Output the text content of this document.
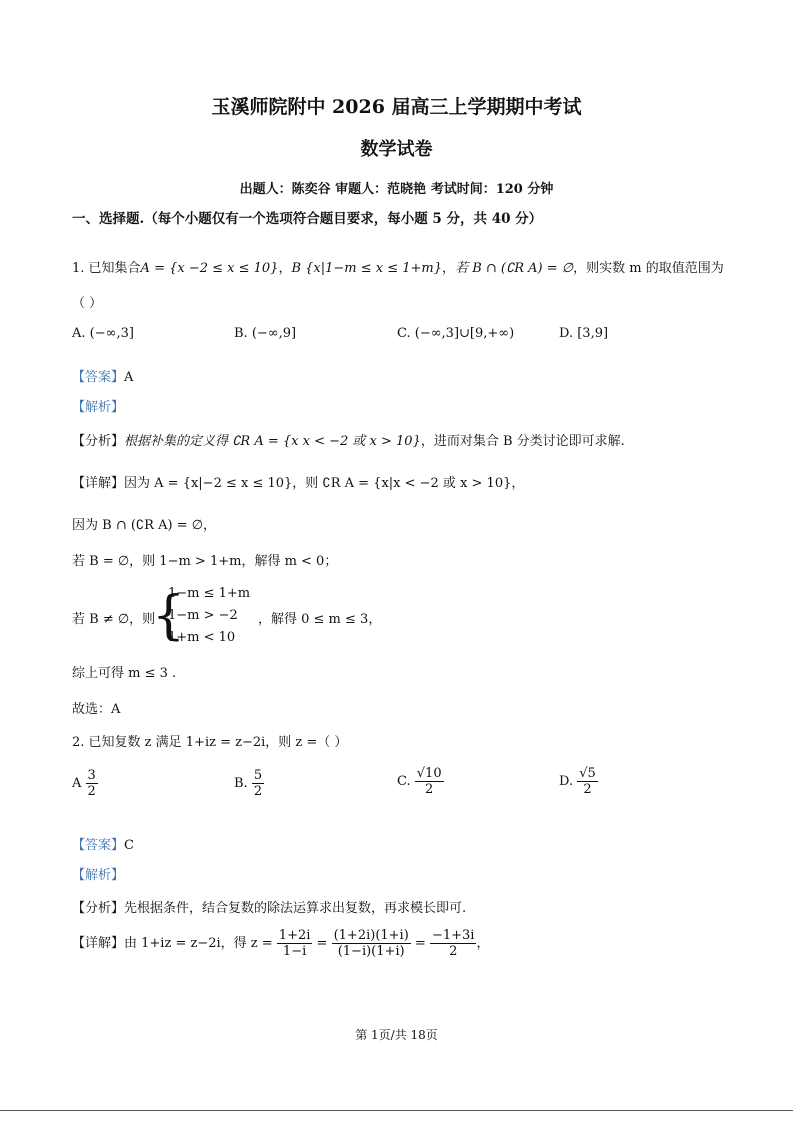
玉溪师院附中 2026 届高三上学期期中考试
数学试卷
出题人：陈奕谷 审题人：范晓艳 考试时间：120 分钟
一、选择题.（每个小题仅有一个选项符合题目要求，每小题 5 分，共 40 分）
1. 已知集合A = {x −2 ≤ x ≤ 10}，B {x|1−m ≤ x ≤ 1+m}，若 B ∩ (∁R A) = ∅，则实数 m 的取值范围为
（ ）
A. (−∞,3]	B. (−∞,9]	C. (−∞,3]∪[9,+∞)	D. [3,9]
【答案】A
【解析】
【分析】根据补集的定义得 ∁R A = {x x < −2 或 x > 10}，进而对集合 B 分类讨论即可求解.
【详解】因为 A = {x|−2 ≤ x ≤ 10}，则 ∁R A = {x|x < −2 或 x > 10}，
因为 B ∩ (∁R A) = ∅，
若 B = ∅，则 1−m > 1+m，解得 m < 0；
{
1−m ≤ 1+m
1−m > −2
1+m < 10
若 B ≠ ∅，则	，解得 0 ≤ m ≤ 3，
综上可得 m ≤ 3 .
故选：A
2. 已知复数 z 满足 1+iz = z−2i，则 z =（ ）
A $\frac{3}{2}$	B. $\frac{5}{2}$	C. $\frac{√10}{2}$	D. $\frac{√5}{2}$
【答案】C
【解析】
【分析】先根据条件，结合复数的除法运算求出复数，再求模长即可.
【详解】由 1+iz = z−2i，得 $z = \frac{1+2i}{1-i} = \frac{(1+2i)(1+i)}{(1-i)(1+i)} = \frac{-1+3i}{2}$ ，
第 1页/共 18页
